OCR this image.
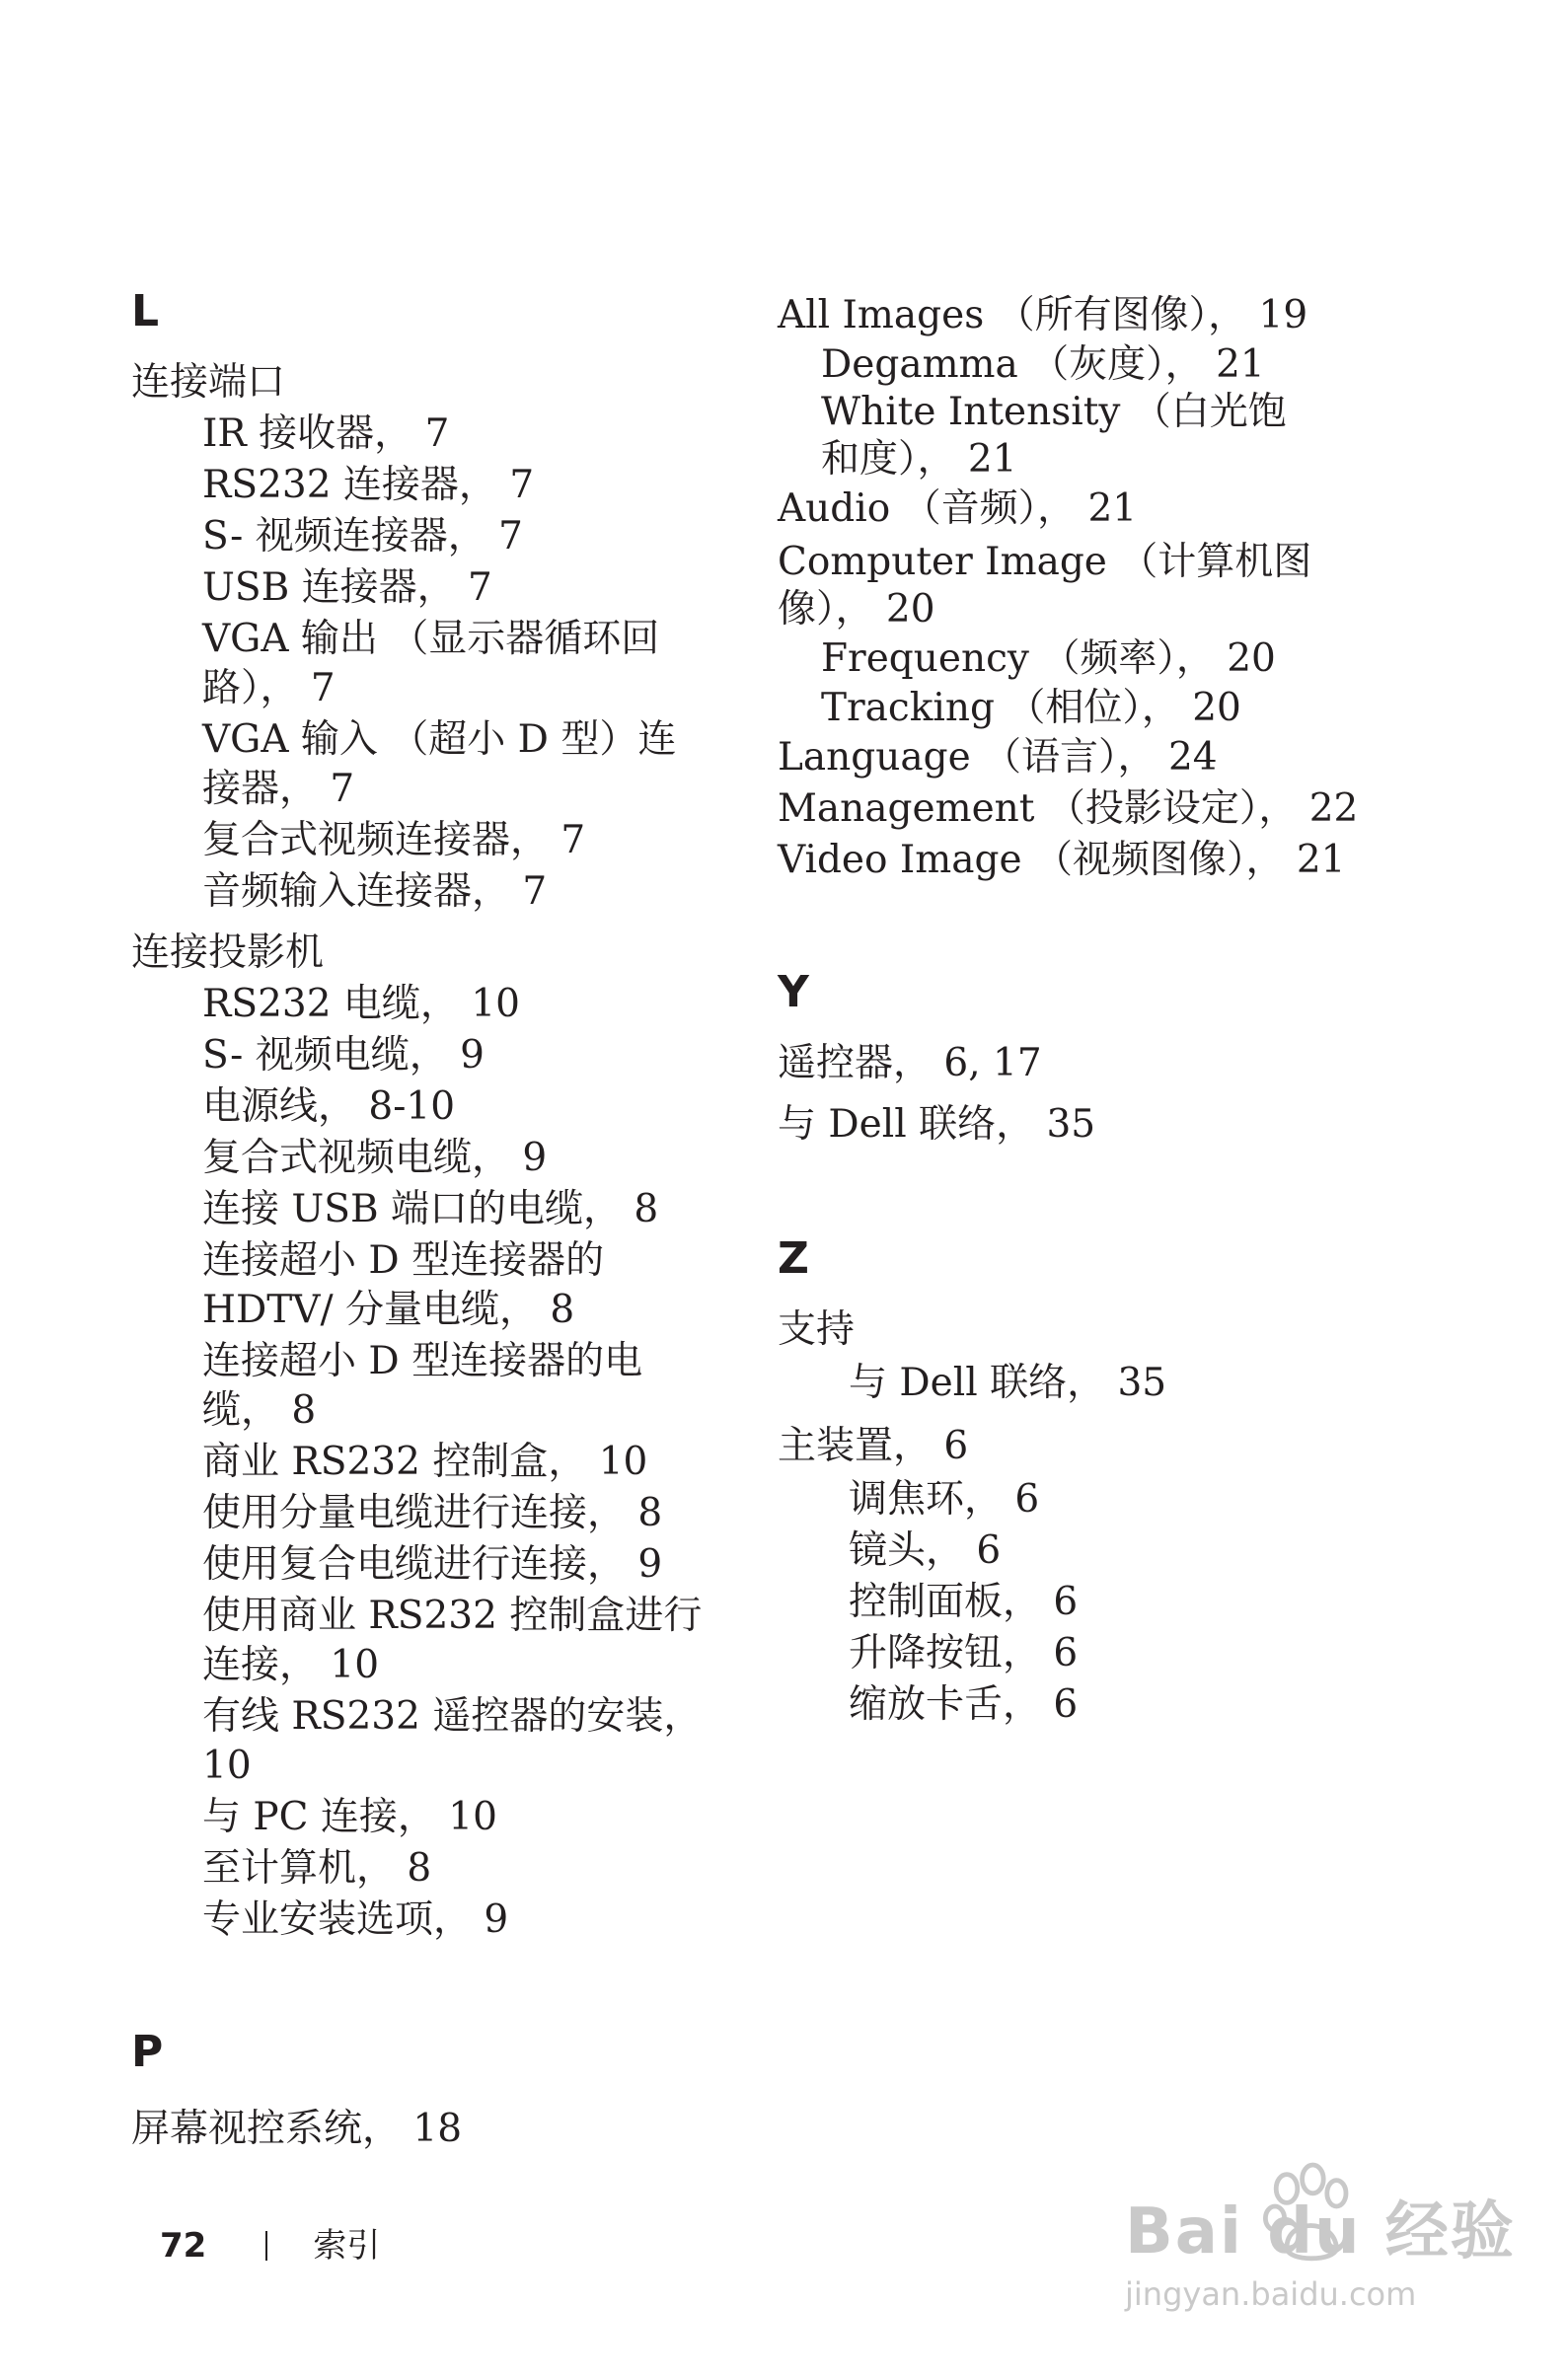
L

连接端口

IR 接收器， 7

RS232 连接器， 7

S- 视频连接器， 7

USB 连接器， 7

VGA 输出 （显示器循环回

路）， 7

VGA 输入 （超小 D 型）连

接器， 7

复合式视频连接器， 7

音频输入连接器， 7

连接投影机

RS232 电缆， 10

S- 视频电缆， 9

电源线， 8-10

复合式视频电缆， 9

连接 USB 端口的电缆， 8

连接超小 D 型连接器的

HDTV/ 分量电缆， 8

连接超小 D 型连接器的电

缆， 8

商业 RS232 控制盒， 10

使用分量电缆进行连接， 8

使用复合电缆进行连接， 9

使用商业 RS232 控制盒进行

连接， 10

有线 RS232 遥控器的安装，

10

与 PC 连接， 10

至计算机， 8

专业安装选项， 9

P

屏幕视控系统， 18

All Images （所有图像）， 19

Degamma （灰度）， 21

White Intensity （白光饱

和度）， 21

Audio （音频）， 21

Computer Image （计算机图

像）， 20

Frequency （频率）， 20

Tracking （相位）， 20

Language （语言）， 24

Management （投影设定）， 22

Video Image （视频图像）， 21

Y

遥控器， 6, 17

与 Dell 联络， 35

Z

支持

与 Dell 联络， 35

主装置， 6

调焦环， 6

镜头， 6

控制面板， 6

升降按钮， 6

缩放卡舌， 6

72	索引	Bai du 经验
jingyan.baidu.com
